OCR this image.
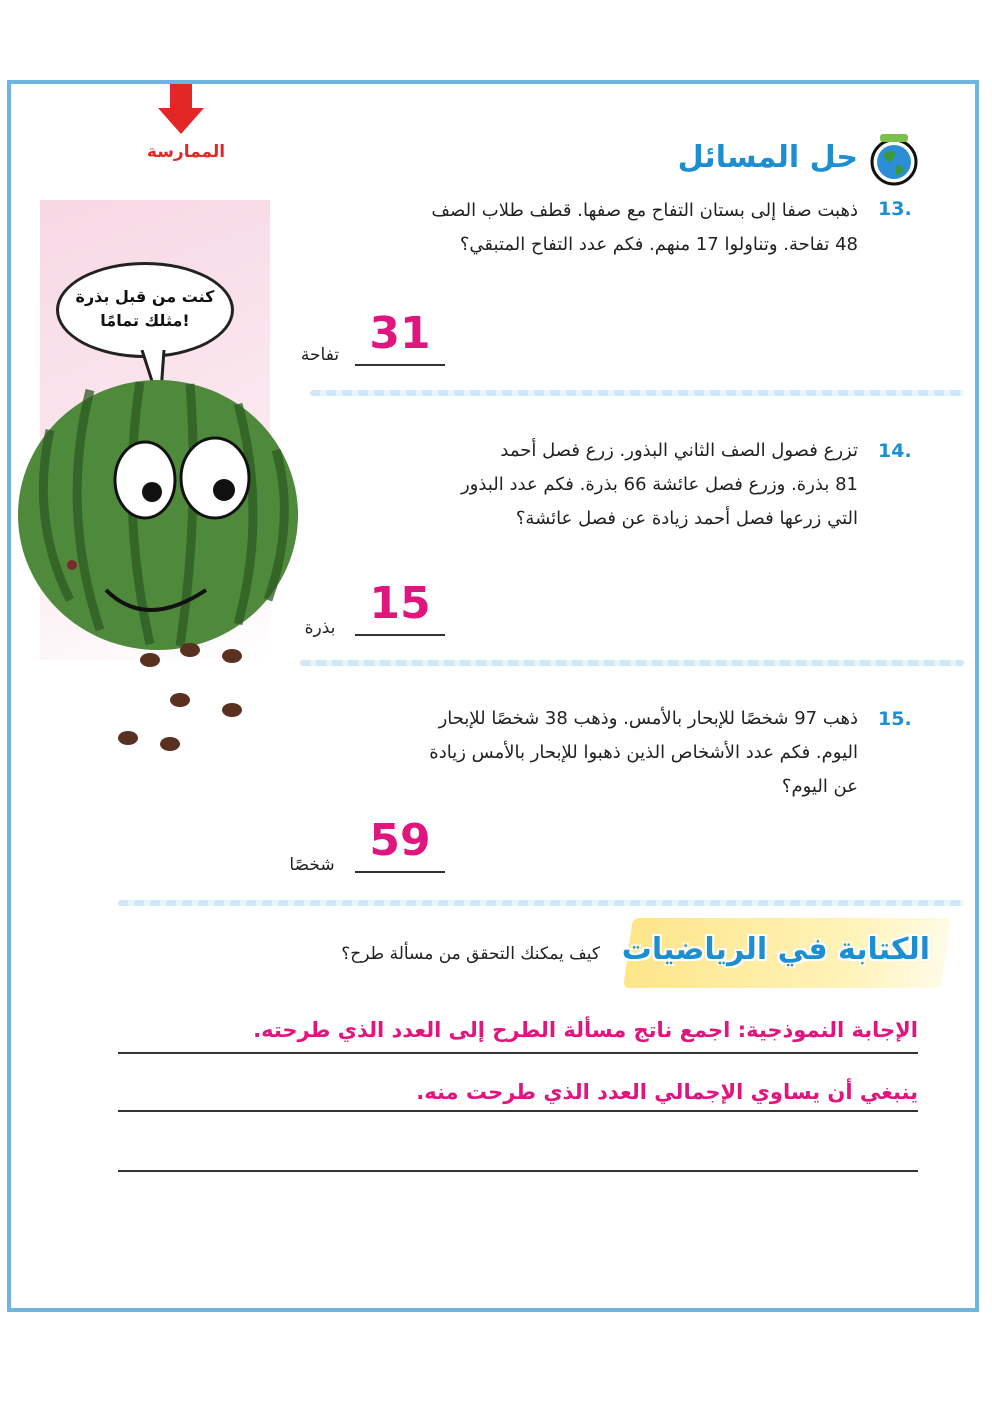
الممارسة	حل المسائل
كنت من قبل بذرة
مثلك تمامًا!
13.
ذهبت صفا إلى بستان التفاح مع صفها. قطف طلاب الصف
48 تفاحة. وتناولوا 17 منهم. فكم عدد التفاح المتبقي؟
31
تفاحة
14.
تزرع فصول الصف الثاني البذور. زرع فصل أحمد
81 بذرة. وزرع فصل عائشة 66 بذرة. فكم عدد البذور
التي زرعها فصل أحمد زيادة عن فصل عائشة؟
15
بذرة
15.
ذهب 97 شخصًا للإبحار بالأمس. وذهب 38 شخصًا للإبحار
اليوم. فكم عدد الأشخاص الذين ذهبوا للإبحار بالأمس زيادة
عن اليوم؟
59
شخصًا
الكتابة في الرياضيات
كيف يمكنك التحقق من مسألة طرح؟
الإجابة النموذجية: اجمع ناتج مسألة الطرح إلى العدد الذي طرحته.
ينبغي أن يساوي الإجمالي العدد الذي طرحت منه.
